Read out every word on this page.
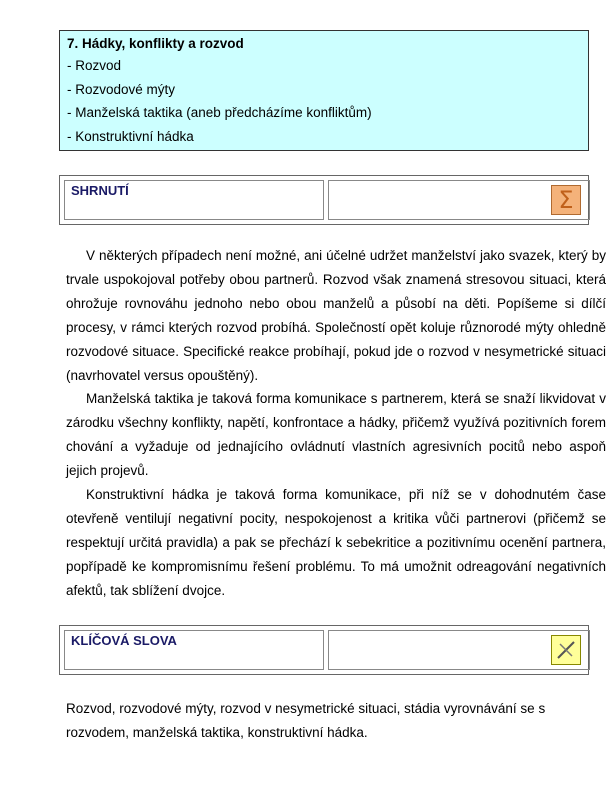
7. Hádky, konflikty a rozvod
- Rozvod
- Rozvodové mýty
- Manželská taktika (aneb předcházíme konfliktům)
- Konstruktivní hádka
SHRNUTÍ	Σ

V některých případech není možné, ani účelné udržet manželství jako svazek, který by trvale uspokojoval potřeby obou partnerů. Rozvod však znamená stresovou situaci, která ohrožuje rovnováhu jednoho nebo obou manželů a působí na děti. Popíšeme si dílčí procesy, v rámci kterých rozvod probíhá. Společností opět koluje různorodé mýty ohledně rozvodové situace. Specifické reakce probíhají, pokud jde o rozvod v nesymetrické situaci (navrhovatel versus opouštěný).

Manželská taktika je taková forma komunikace s partnerem, která se snaží likvidovat v zárodku všechny konflikty, napětí, konfrontace a hádky, přičemž využívá pozitivních forem chování a vyžaduje od jednajícího ovládnutí vlastních agresivních pocitů nebo aspoň jejich projevů.

Konstruktivní hádka je taková forma komunikace, při níž se v dohodnutém čase otevřeně ventilují negativní pocity, nespokojenost a kritika vůči partnerovi (přičemž se respektují určitá pravidla) a pak se přechází k sebekritice a pozitivnímu ocenění partnera, popřípadě ke kompromisnímu řešení problému. To má umožnit odreagování negativních afektů, tak sblížení dvojce.

KLÍČOVÁ SLOVA
Rozvod, rozvodové mýty, rozvod v nesymetrické situaci, stádia vyrovnávání se s rozvodem, manželská taktika, konstruktivní hádka.
